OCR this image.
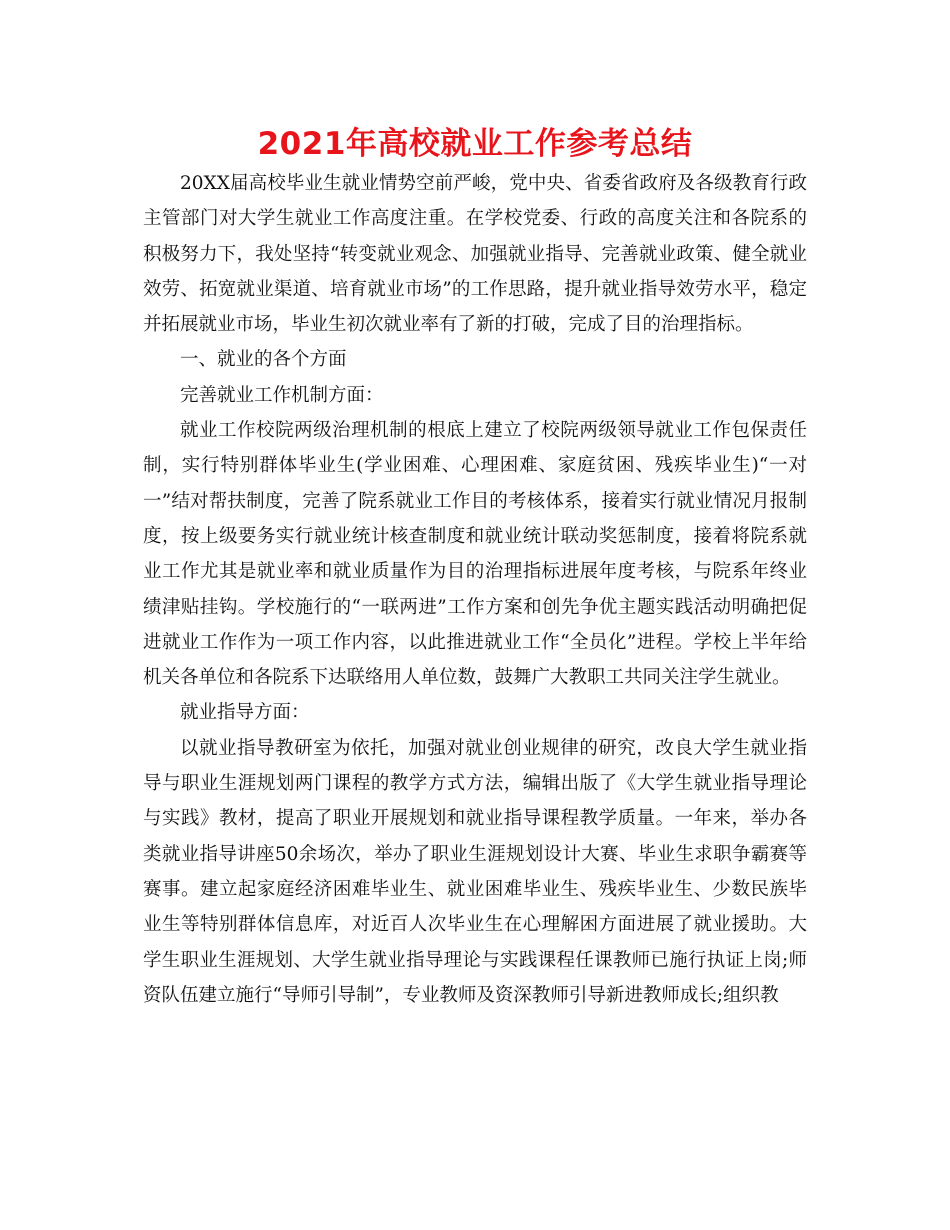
2021年高校就业工作参考总结

20XX届高校毕业生就业情势空前严峻，党中央、省委省政府及各级教育行政主管部门对大学生就业工作高度注重。在学校党委、行政的高度关注和各院系的积极努力下，我处坚持“转变就业观念、加强就业指导、完善就业政策、健全就业效劳、拓宽就业渠道、培育就业市场”的工作思路，提升就业指导效劳水平，稳定并拓展就业市场，毕业生初次就业率有了新的打破，完成了目的治理指标。

一、就业的各个方面

完善就业工作机制方面：

就业工作校院两级治理机制的根底上建立了校院两级领导就业工作包保责任制，实行特别群体毕业生(学业困难、心理困难、家庭贫困、残疾毕业生)“一对一”结对帮扶制度，完善了院系就业工作目的考核体系，接着实行就业情况月报制度，按上级要务实行就业统计核查制度和就业统计联动奖惩制度，接着将院系就业工作尤其是就业率和就业质量作为目的治理指标进展年度考核，与院系年终业绩津贴挂钩。学校施行的“一联两进”工作方案和创先争优主题实践活动明确把促进就业工作作为一项工作内容，以此推进就业工作“全员化”进程。学校上半年给机关各单位和各院系下达联络用人单位数，鼓舞广大教职工共同关注学生就业。

就业指导方面：

以就业指导教研室为依托，加强对就业创业规律的研究，改良大学生就业指导与职业生涯规划两门课程的教学方式方法，编辑出版了《大学生就业指导理论与实践》教材，提高了职业开展规划和就业指导课程教学质量。一年来，举办各类就业指导讲座50余场次，举办了职业生涯规划设计大赛、毕业生求职争霸赛等赛事。建立起家庭经济困难毕业生、就业困难毕业生、残疾毕业生、少数民族毕业生等特别群体信息库，对近百人次毕业生在心理解困方面进展了就业援助。大学生职业生涯规划、大学生就业指导理论与实践课程任课教师已施行执证上岗;师资队伍建立施行“导师引导制”，专业教师及资深教师引导新进教师成长;组织教
